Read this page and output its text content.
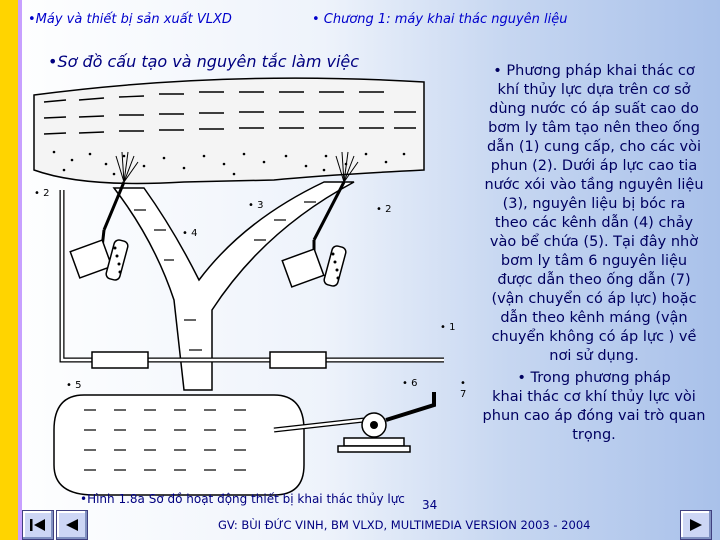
•Máy và thiết bị sản xuất VLXD	• Chương 1: máy khai thác nguyên liệu
•Sơ đồ cấu tạo và nguyên tắc làm việc
• 2
• 3	• 2
• 4
• 1
• 5	• 6	• 7
•Hình 1.8a Sơ đồ hoạt động thiết bị khai thác thủy lực 34

• Phương pháp khai thác cơ

khí thủy lực dựa trên cơ sở

dùng nước có áp suất cao do

bơm ly tâm tạo nên theo ống

dẫn (1) cung cấp, cho các vòi

phun (2). Dưới áp lực cao tia

nước xói vào tầng nguyên liệu

(3), nguyên liệu bị bóc ra

theo các kênh dẫn (4) chảy

vào bể chứa (5). Tại đây nhờ

bơm ly tâm 6 nguyên liệu

được dẫn theo ống dẫn (7)

(vận chuyển có áp lực) hoặc

dẫn theo kênh máng (vận

chuyển không có áp lực ) về

nơi sử dụng.

• Trong phương pháp

khai thác cơ khí thủy lực vòi

phun cao áp đóng vai trò quan

trọng.

GV: BÙI ĐỨC VINH, BM VLXD, MULTIMEDIA VERSION 2003 - 2004
